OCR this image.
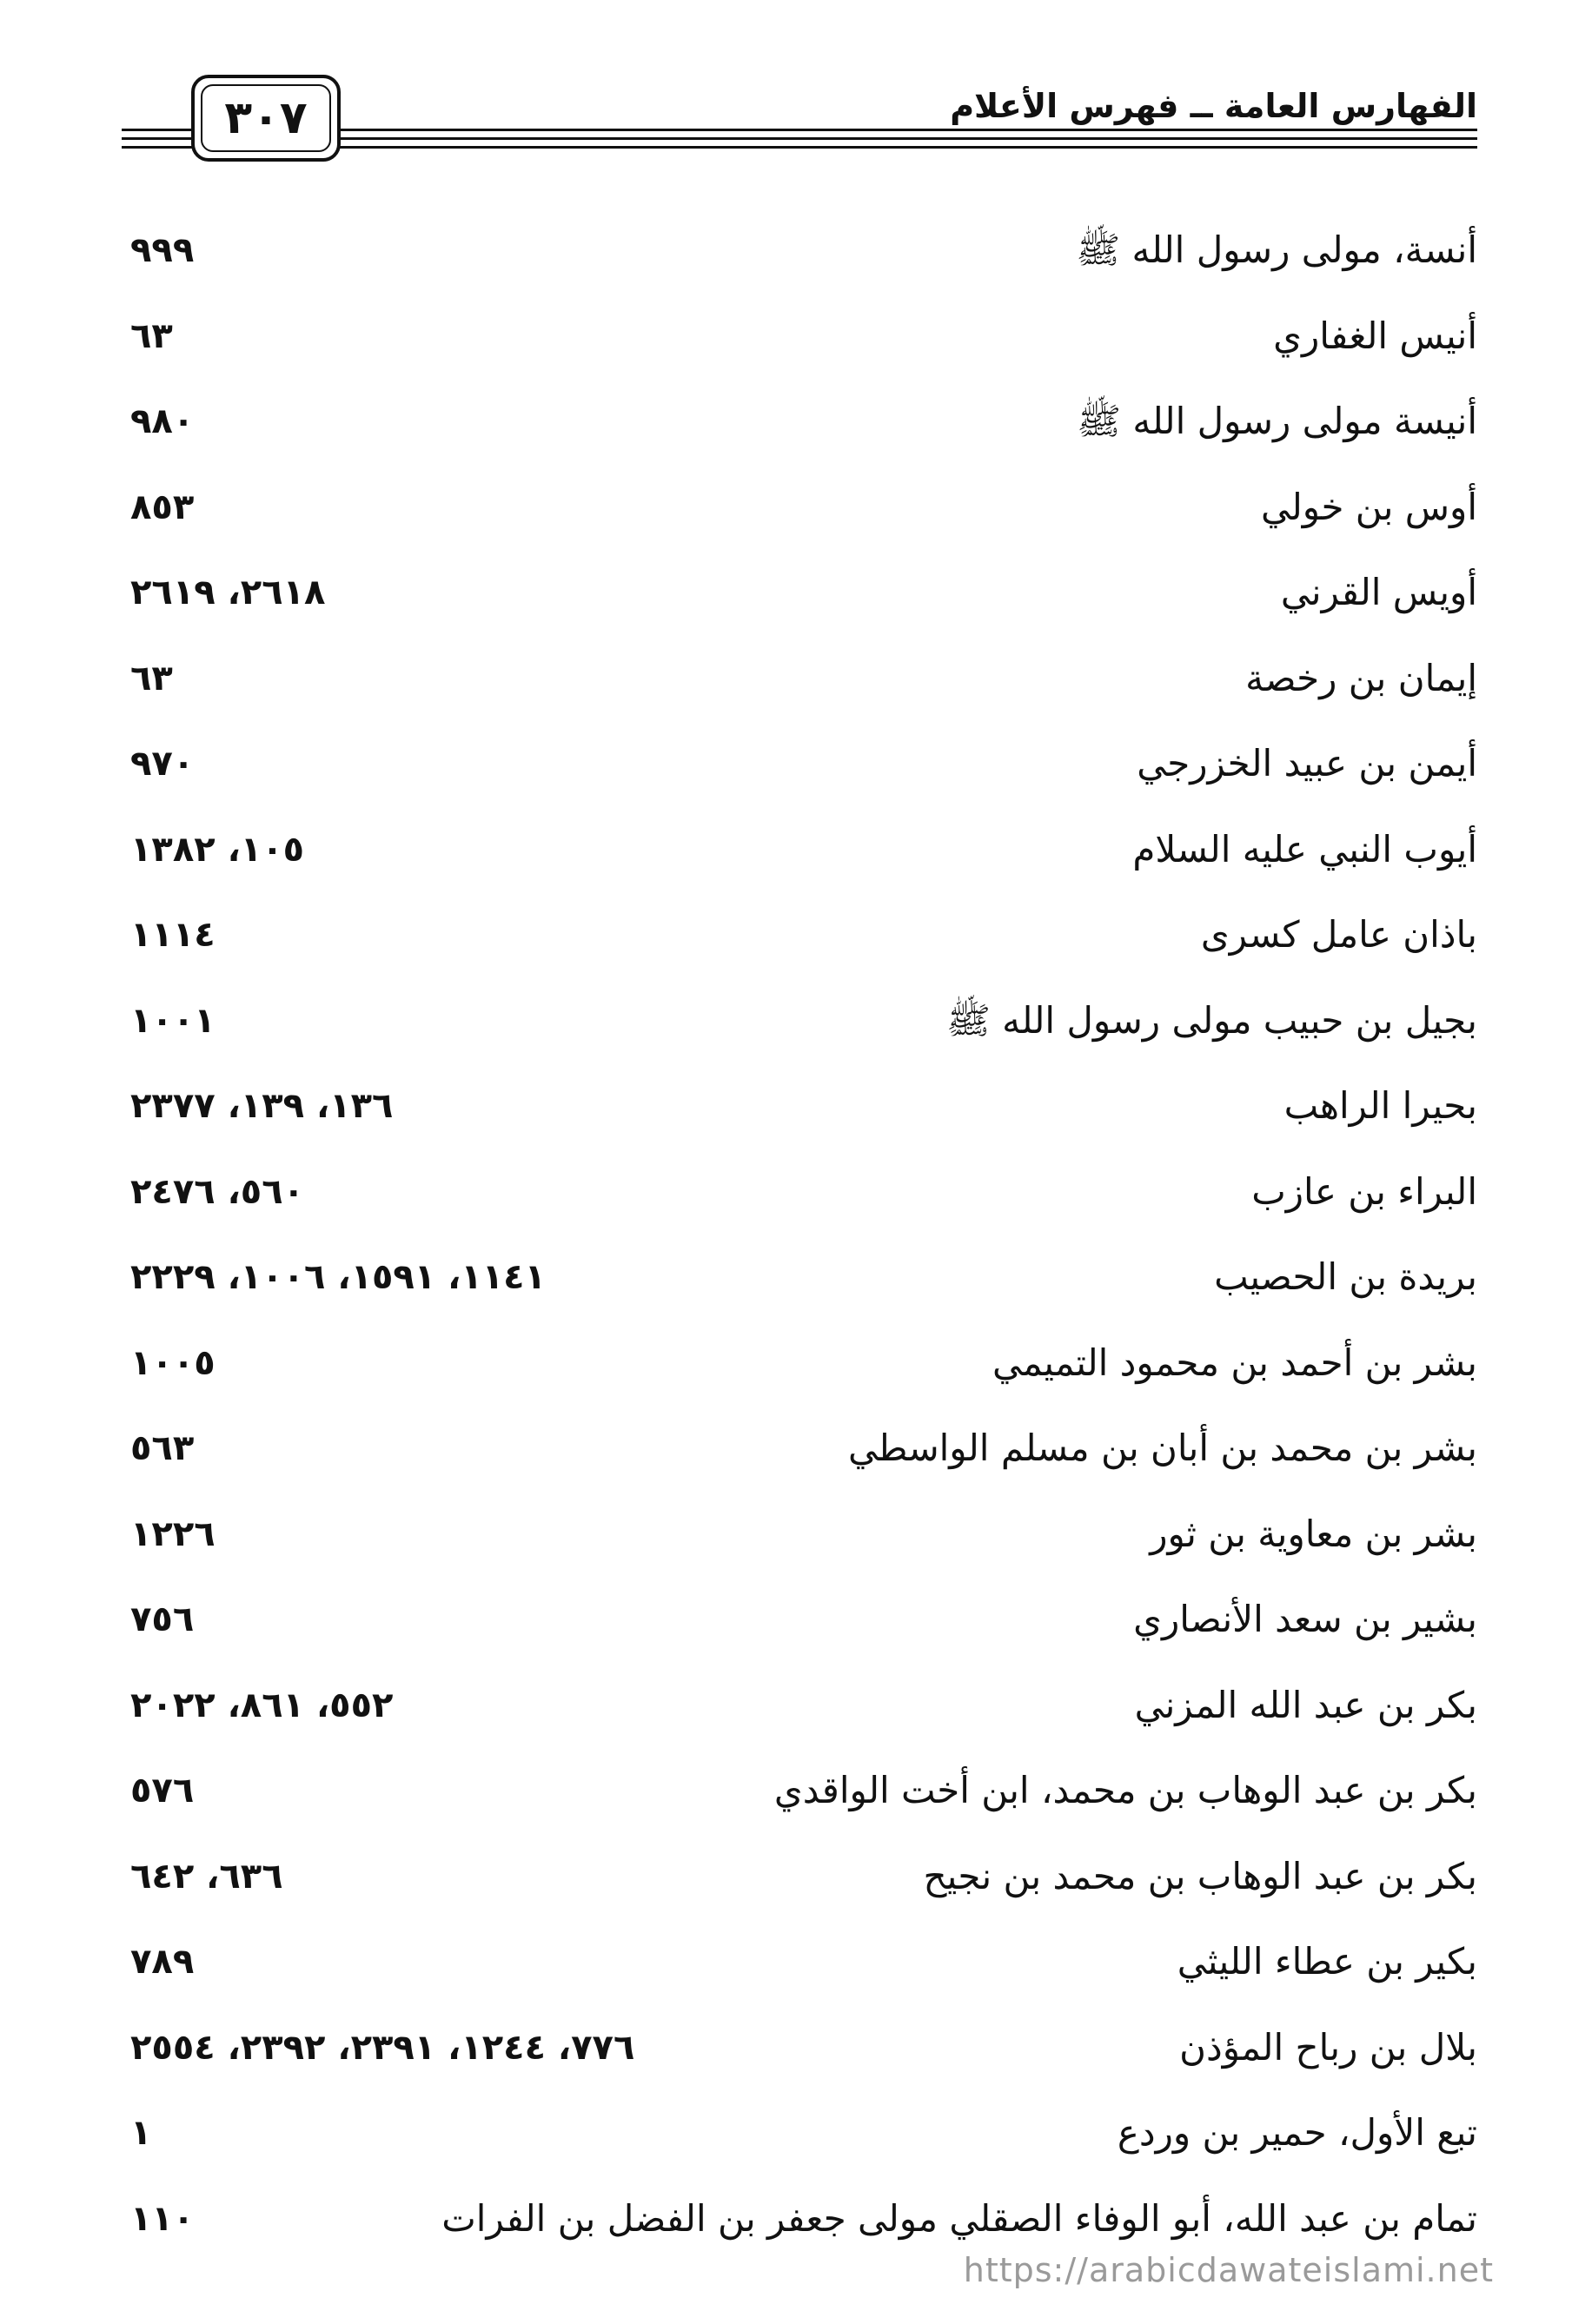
الفهارس العامة ــ فهرس الأعلام
٣٠٧
أنسة، مولى رسول الله ﷺ
٩٩٩
أنيس الغفاري
٦٣
أنيسة مولى رسول الله ﷺ
٩٨٠
أوس بن خولي
٨٥٣
أويس القرني
٢٦١٨، ٢٦١٩
إيمان بن رخصة
٦٣
أيمن بن عبيد الخزرجي
٩٧٠
أيوب النبي عليه السلام
١٠٥، ١٣٨٢
باذان عامل كسرى
١١١٤
بجيل بن حبيب مولى رسول الله ﷺ
١٠٠١
بحيرا الراهب
١٣٦، ١٣٩، ٢٣٧٧
البراء بن عازب
٥٦٠، ٢٤٧٦
بريدة بن الحصيب
١١٤١، ١٥٩١، ١٠٠٦، ٢٢٢٩
بشر بن أحمد بن محمود التميمي
١٠٠٥
بشر بن محمد بن أبان بن مسلم الواسطي
٥٦٣
بشر بن معاوية بن ثور
١٢٢٦
بشير بن سعد الأنصاري
٧٥٦
بكر بن عبد الله المزني
٥٥٢، ٨٦١، ٢٠٢٢
بكر بن عبد الوهاب بن محمد، ابن أخت الواقدي
٥٧٦
بكر بن عبد الوهاب بن محمد بن نجيح
٦٣٦، ٦٤٢
بكير بن عطاء الليثي
٧٨٩
بلال بن رباح المؤذن
٧٧٦، ١٢٤٤، ٢٣٩١، ٢٣٩٢، ٢٥٥٤
تبع الأول، حمير بن وردع
١
تمام بن عبد الله، أبو الوفاء الصقلي مولى جعفر بن الفضل بن الفرات
١١٠
https://arabicdawateislami.net
